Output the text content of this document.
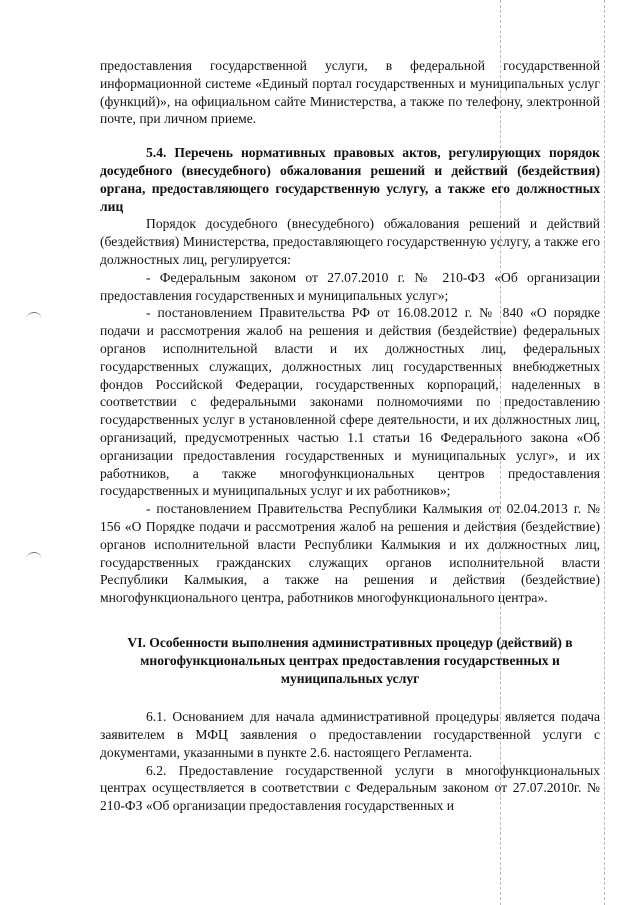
предоставления государственной услуги, в федеральной государственной информационной системе «Единый портал государственных и муниципальных услуг (функций)», на официальном сайте Министерства, а также по телефону, электронной почте, при личном приеме.

5.4. Перечень нормативных правовых актов, регулирующих порядок досудебного (внесудебного) обжалования решений и действий (бездействия) органа, предоставляющего государственную услугу, а также его должностных лиц

Порядок досудебного (внесудебного) обжалования решений и действий (бездействия) Министерства, предоставляющего государственную услугу, а также его должностных лиц, регулируется:

- Федеральным законом от 27.07.2010 г. № 210-ФЗ «Об организации предоставления государственных и муниципальных услуг»;

- постановлением Правительства РФ от 16.08.2012 г. № 840 «О порядке подачи и рассмотрения жалоб на решения и действия (бездействие) федеральных органов исполнительной власти и их должностных лиц, федеральных государственных служащих, должностных лиц государственных внебюджетных фондов Российской Федерации, государственных корпораций, наделенных в соответствии с федеральными законами полномочиями по предоставлению государственных услуг в установленной сфере деятельности, и их должностных лиц, организаций, предусмотренных частью 1.1 статьи 16 Федерального закона «Об организации предоставления государственных и муниципальных услуг», и их работников, а также многофункциональных центров предоставления государственных и муниципальных услуг и их работников»;

- постановлением Правительства Республики Калмыкия от 02.04.2013 г. № 156 «О Порядке подачи и рассмотрения жалоб на решения и действия (бездействие) органов исполнительной власти Республики Калмыкия и их должностных лиц, государственных гражданских служащих органов исполнительной власти Республики Калмыкия, а также на решения и действия (бездействие) многофункционального центра, работников многофункционального центра».

VI. Особенности выполнения административных процедур (действий) в многофункциональных центрах предоставления государственных и муниципальных услуг

6.1. Основанием для начала административной процедуры является подача заявителем в МФЦ заявления о предоставлении государственной услуги с документами, указанными в пункте 2.6. настоящего Регламента.

6.2. Предоставление государственной услуги в многофункциональных центрах осуществляется в соответствии с Федеральным законом от 27.07.2010г. № 210-ФЗ «Об организации предоставления государственных и
